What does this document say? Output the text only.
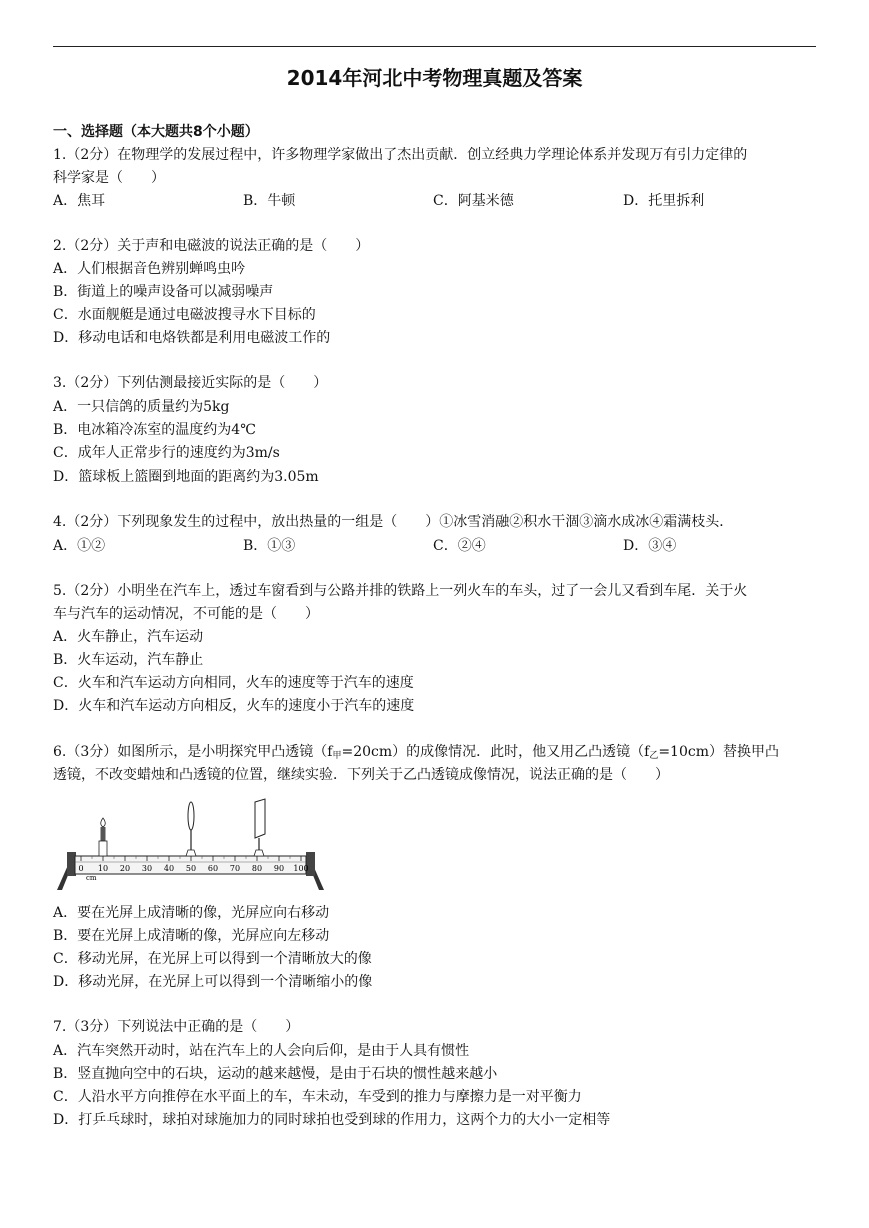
2014年河北中考物理真题及答案
一、选择题（本大题共8个小题）
1.（2分）在物理学的发展过程中，许多物理学家做出了杰出贡献．创立经典力学理论体系并发现万有引力定律的
科学家是（　　）
A．焦耳	B．牛顿	C．阿基米德	D．托里拆利
2.（2分）关于声和电磁波的说法正确的是（　　）
A．人们根据音色辨别蝉鸣虫吟
B．街道上的噪声设备可以减弱噪声
C．水面舰艇是通过电磁波搜寻水下目标的
D．移动电话和电烙铁都是利用电磁波工作的
3.（2分）下列估测最接近实际的是（　　）
A．一只信鸽的质量约为5kg
B．电冰箱冷冻室的温度约为4℃
C．成年人正常步行的速度约为3m/s
D．篮球板上篮圈到地面的距离约为3.05m
4.（2分）下列现象发生的过程中，放出热量的一组是（　　）①冰雪消融②积水干涸③滴水成冰④霜满枝头．
A．①②	B．①③	C．②④	D．③④
5.（2分）小明坐在汽车上，透过车窗看到与公路并排的铁路上一列火车的车头，过了一会儿又看到车尾．关于火
车与汽车的运动情况，不可能的是（　　）
A．火车静止，汽车运动
B．火车运动，汽车静止
C．火车和汽车运动方向相同，火车的速度等于汽车的速度
D．火车和汽车运动方向相反，火车的速度小于汽车的速度
6.（3分）如图所示，是小明探究甲凸透镜$(f_甲=20cm)$的成像情况．此时，他又用乙凸透镜$(f_乙=10cm)$替换甲凸
透镜，不改变蜡烛和凸透镜的位置，继续实验．下列关于乙凸透镜成像情况，说法正确的是（　　）
0 10 20 30 40 50 60 70 80 90 100
cm
A．要在光屏上成清晰的像，光屏应向右移动
B．要在光屏上成清晰的像，光屏应向左移动
C．移动光屏，在光屏上可以得到一个清晰放大的像
D．移动光屏，在光屏上可以得到一个清晰缩小的像
7.（3分）下列说法中正确的是（　　）
A．汽车突然开动时，站在汽车上的人会向后仰，是由于人具有惯性
B．竖直抛向空中的石块，运动的越来越慢，是由于石块的惯性越来越小
C．人沿水平方向推停在水平面上的车，车未动，车受到的推力与摩擦力是一对平衡力
D．打乒乓球时，球拍对球施加力的同时球拍也受到球的作用力，这两个力的大小一定相等
